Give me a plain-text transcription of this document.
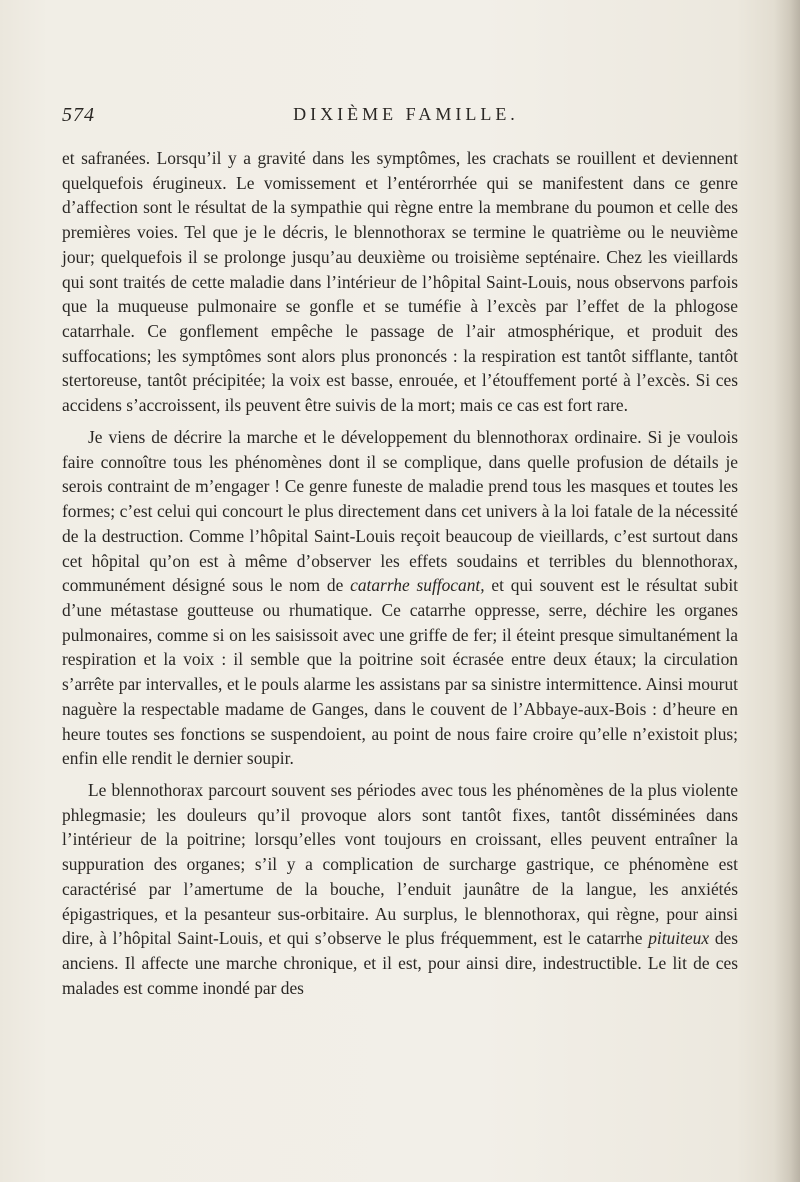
574	DIXIÈME FAMILLE.

et safranées. Lorsqu’il y a gravité dans les symptômes, les crachats se rouillent et deviennent quelquefois érugineux. Le vomissement et l’entérorrhée qui se manifestent dans ce genre d’affection sont le résultat de la sympathie qui règne entre la membrane du poumon et celle des premières voies. Tel que je le décris, le blennothorax se termine le quatrième ou le neuvième jour; quelquefois il se prolonge jusqu’au deuxième ou troisième septénaire. Chez les vieillards qui sont traités de cette maladie dans l’intérieur de l’hôpital Saint-Louis, nous observons parfois que la muqueuse pulmonaire se gonfle et se tuméfie à l’excès par l’effet de la phlogose catarrhale. Ce gonflement empêche le passage de l’air atmosphérique, et produit des suffocations; les symptômes sont alors plus prononcés : la respiration est tantôt sifflante, tantôt stertoreuse, tantôt précipitée; la voix est basse, enrouée, et l’étouffement porté à l’excès. Si ces accidens s’accroissent, ils peuvent être suivis de la mort; mais ce cas est fort rare.

Je viens de décrire la marche et le développement du blennothorax ordinaire. Si je voulois faire connoître tous les phénomènes dont il se complique, dans quelle profusion de détails je serois contraint de m’engager ! Ce genre funeste de maladie prend tous les masques et toutes les formes; c’est celui qui concourt le plus directement dans cet univers à la loi fatale de la nécessité de la destruction. Comme l’hôpital Saint-Louis reçoit beaucoup de vieillards, c’est surtout dans cet hôpital qu’on est à même d’observer les effets soudains et terribles du blennothorax, communément désigné sous le nom de catarrhe suffocant, et qui souvent est le résultat subit d’une métastase goutteuse ou rhumatique. Ce catarrhe oppresse, serre, déchire les organes pulmonaires, comme si on les saisissoit avec une griffe de fer; il éteint presque simultanément la respiration et la voix : il semble que la poitrine soit écrasée entre deux étaux; la circulation s’arrête par intervalles, et le pouls alarme les assistans par sa sinistre intermittence. Ainsi mourut naguère la respectable madame de Ganges, dans le couvent de l’Abbaye-aux-Bois : d’heure en heure toutes ses fonctions se suspendoient, au point de nous faire croire qu’elle n’existoit plus; enfin elle rendit le dernier soupir.

Le blennothorax parcourt souvent ses périodes avec tous les phénomènes de la plus violente phlegmasie; les douleurs qu’il provoque alors sont tantôt fixes, tantôt disséminées dans l’intérieur de la poitrine; lorsqu’elles vont toujours en croissant, elles peuvent entraîner la suppuration des organes; s’il y a complication de surcharge gastrique, ce phénomène est caractérisé par l’amertume de la bouche, l’enduit jaunâtre de la langue, les anxiétés épigastriques, et la pesanteur sus-orbitaire. Au surplus, le blennothorax, qui règne, pour ainsi dire, à l’hôpital Saint-Louis, et qui s’observe le plus fréquemment, est le catarrhe pituiteux des anciens. Il affecte une marche chronique, et il est, pour ainsi dire, indestructible. Le lit de ces malades est comme inondé par des
